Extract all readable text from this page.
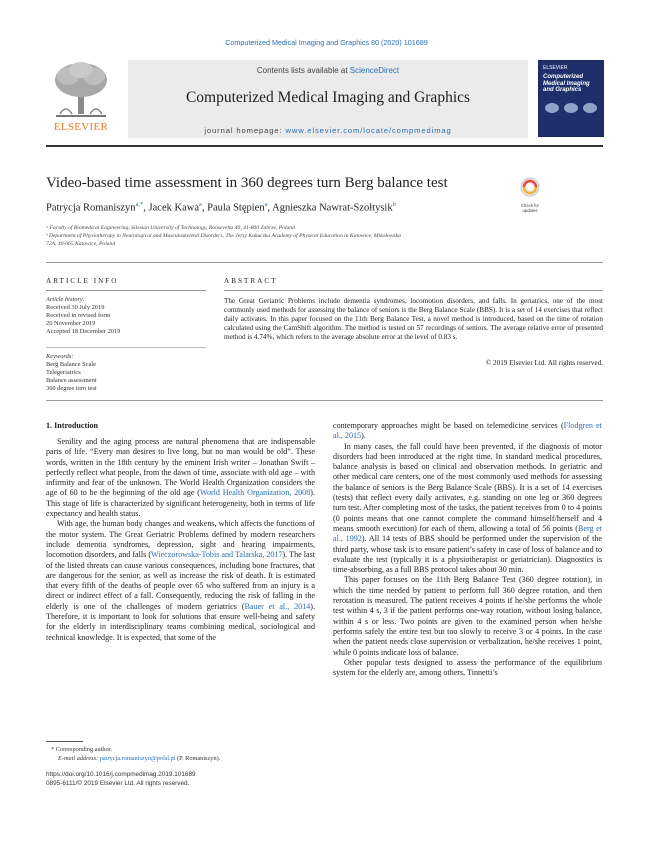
Computerized Medical Imaging and Graphics 80 (2020) 101689
ELSEVIER
Contents lists available at ScienceDirect
Computerized Medical Imaging and Graphics
journal homepage: www.elsevier.com/locate/compmedimag
ELSEVIER
Computerized Medical Imaging and Graphics
Video-based time assessment in 360 degrees turn Berg balance test
Check for updates
Patrycja Romaniszyn$^{a,*}$, Jacek Kawa$^a$, Paula Stępien$^a$, Agnieszka Nawrat-Szołtysik$^b$
ᵃ Faculty of Biomedical Engineering, Silesian University of Technology, Roosevelta 40, 41-800 Zabrze, Poland
ᵇ Department of Physiotherapy in Neurological and Musculoskeletal Disorders, The Jerzy Kukuczka Academy of Physical Education in Katowice, Mikołowska
72A, 40-065 Katowice, Poland
ARTICLE INFO
Article history:
Received 30 July 2019
Received in revised form
26 November 2019
Accepted 18 December 2019
Keywords:
Berg Balance Scale
Telegeriatrics
Balance assessment
360 degree turn test
ABSTRACT
The Great Geriatric Problems include dementia syndromes, locomotion disorders, and falls. In geriatrics, one of the most commonly used methods for assessing the balance of seniors is the Berg Balance Scale (BBS). It is a set of 14 exercises that reflect daily activates. In this paper focused on the 11th Berg Balance Test, a novel method is introduced, based on the time of rotation calculated using the CamShift algorithm. The method is tested on 57 recordings of seniors. The average relative error of presented method is 4.74%, which refers to the average absolute error at the level of 0.83 s.
© 2019 Elsevier Ltd. All rights reserved.
1. Introduction

Senility and the aging process are natural phenomena that are indispensable parts of life. “Every man desires to live long, but no man would be old”. These words, written in the 18th century by the eminent Irish writer – Jonathan Swift – perfectly reflect what people, from the dawn of time, associate with old age – with infirmity and fear of the unknown. The World Health Organization considers the age of 60 to be the beginning of the old age (World Health Organization, 2008). This stage of life is characterized by significant heterogeneity, both in terms of life expectancy and health status.

With age, the human body changes and weakens, which affects the functions of the motor system. The Great Geriatric Problems defined by modern researchers include dementia syndromes, depression, sight and hearing impairments, locomotion disorders, and falls (Wieczorowska-Tobis and Talarska, 2017). The last of the listed threats can cause various consequences, including bone fractures, that are dangerous for the senior, as well as increase the risk of death. It is estimated that every fifth of the deaths of people over 65 who suffered from an injury is a direct or indirect effect of a fall. Consequently, reducing the risk of falling in the elderly is one of the challenges of modern geriatrics (Bauer et al., 2014). Therefore, it is important to look for solutions that ensure well-being and safety for the elderly in interdisciplinary teams combining medical, sociological and technical knowledge. It is expected, that some of the

contemporary approaches might be based on telemedicine services (Flodgren et al., 2015).

In many cases, the fall could have been prevented, if the diagnosis of motor disorders had been introduced at the right time. In standard medical procedures, balance analysis is based on clinical and observation methods. In geriatric and other medical care centers, one of the most commonly used methods for assessing the balance of seniors is the Berg Balance Scale (BBS). It is a set of 14 exercises (tests) that reflect every daily activates, e.g. standing on one leg or 360 degrees turn test. After completing most of the tasks, the patient receives from 0 to 4 points (0 points means that one cannot complete the command himself/herself and 4 means smooth execution) for each of them, allowing a total of 56 points (Berg et al., 1992). All 14 tests of BBS should be performed under the supervision of the third party, whose task is to ensure patient’s safety in case of loss of balance and to evaluate the test (typically it is a physiotherapist or geriatrician). Diagnostics is time-absorbing, as a full BBS protocol takes about 30 min.

This paper focuses on the 11th Berg Balance Test (360 degree rotation), in which the time needed by patient to perform full 360 degree rotation, and then rerotation is measured. The patient receives 4 points if he/she performs the whole test within 4 s, 3 if the patient performs one-way rotation, without losing balance, within 4 s or less. Two points are given to the examined person when he/she performs safely the entire test but too slowly to receive 3 or 4 points. In the case when the patient needs close supervision or verbalization, he/she receives 1 point, while 0 points indicate loss of balance.

Other popular tests designed to assess the performance of the equilibrium system for the elderly are, among others, Tinnetti’s

* Corresponding author.
E-mail address: patrycja.romaniszyn@polsl.pl (P. Romaniszyn).
https://doi.org/10.1016/j.compmedimag.2019.101689
0895-6111/© 2019 Elsevier Ltd. All rights reserved.
